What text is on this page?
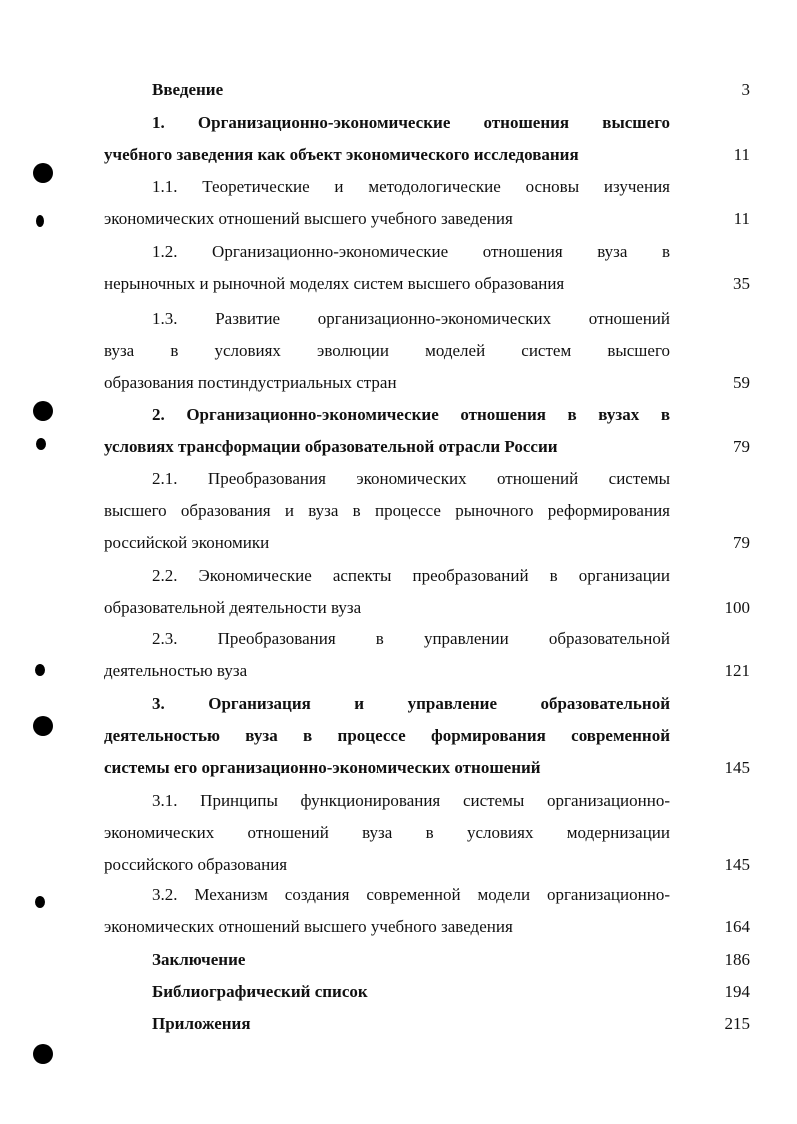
Введение	3
1. Организационно-экономические отношения высшего
учебного заведения как объект экономического исследования	11
1.1. Теоретические и методологические основы изучения
экономических отношений высшего учебного заведения	11
1.2. Организационно-экономические отношения вуза в
нерыночных и рыночной моделях систем высшего образования	35
1.3. Развитие организационно-экономических отношений
вуза в условиях эволюции моделей систем высшего
образования постиндустриальных стран	59
2. Организационно-экономические отношения в вузах в
условиях трансформации образовательной отрасли России	79
2.1. Преобразования экономических отношений системы
высшего образования и вуза в процессе рыночного реформирования
российской экономики	79
2.2. Экономические аспекты преобразований в организации
образовательной деятельности вуза	100
2.3. Преобразования в управлении образовательной
деятельностью вуза	121
3. Организация и управление образовательной
деятельностью вуза в процессе формирования современной
системы его организационно-экономических отношений	145
3.1. Принципы функционирования системы организационно-
экономических отношений вуза в условиях модернизации
российского образования	145
3.2. Механизм создания современной модели организационно-
экономических отношений высшего учебного заведения	164
Заключение	186
Библиографический список	194
Приложения	215
